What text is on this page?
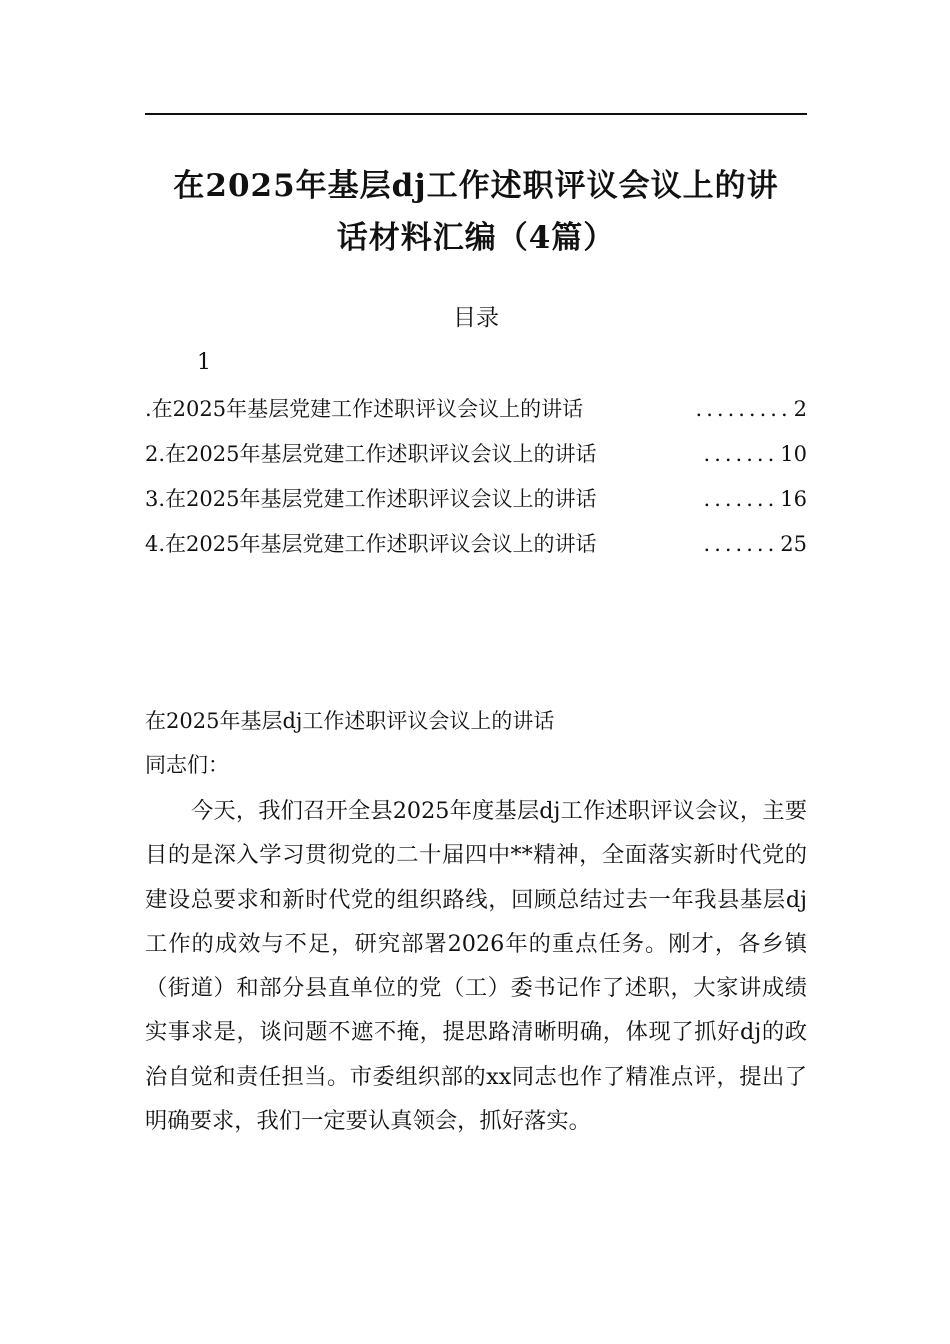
在2025年基层dj工作述职评议会议上的讲
话材料汇编（4篇）
目录
1
.在2025年基层党建工作述职评议会议上的讲话	......... 2
2.在2025年基层党建工作述职评议会议上的讲话	....... 10
3.在2025年基层党建工作述职评议会议上的讲话	....... 16
4.在2025年基层党建工作述职评议会议上的讲话	....... 25
在2025年基层dj工作述职评议会议上的讲话
同志们：

今天，我们召开全县2025年度基层dj工作述职评议会议，主要目的是深入学习贯彻党的二十届四中**精神，全面落实新时代党的建设总要求和新时代党的组织路线，回顾总结过去一年我县基层dj工作的成效与不足，研究部署2026年的重点任务。刚才，各乡镇（街道）和部分县直单位的党（工）委书记作了述职，大家讲成绩实事求是，谈问题不遮不掩，提思路清晰明确，体现了抓好dj的政治自觉和责任担当。市委组织部的xx同志也作了精准点评，提出了明确要求，我们一定要认真领会，抓好落实。
